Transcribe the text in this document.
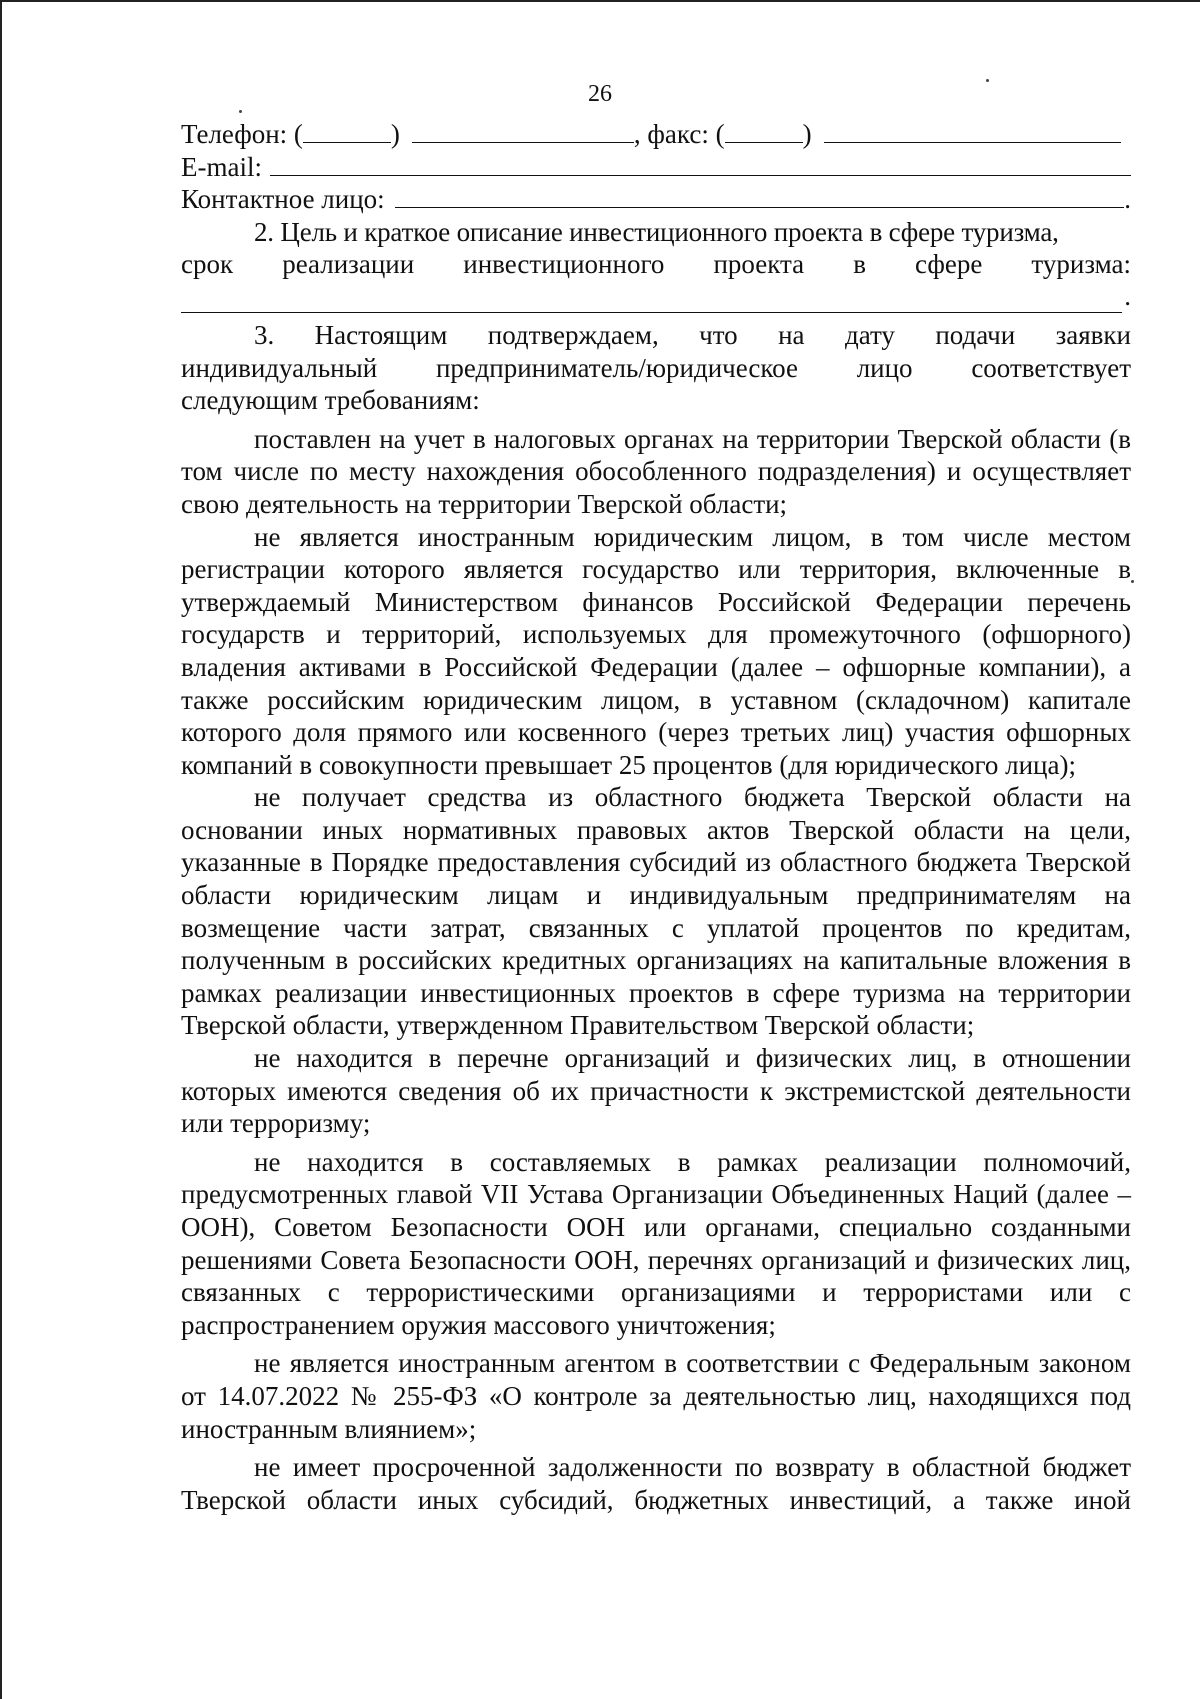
26
Телефон: (	)	, факс: (	)
E-mail:
Контактное лицо:	.
2. Цель и краткое описание инвестиционного проекта в сфере туризма,
срок реализации инвестиционного проекта в сфере туризма:
.
3. Настоящим подтверждаем, что на дату подачи заявки
индивидуальный предприниматель/юридическое лицо соответствует
следующим требованиям:

поставлен на учет в налоговых органах на территории Тверской области (в том числе по месту нахождения обособленного подразделения) и осуществляет свою деятельность на территории Тверской области;

не является иностранным юридическим лицом, в том числе местом регистрации которого является государство или территория, включенные в утверждаемый Министерством финансов Российской Федерации перечень государств и территорий, используемых для промежуточного (офшорного) владения активами в Российской Федерации (далее – офшорные компании), а также российским юридическим лицом, в уставном (складочном) капитале которого доля прямого или косвенного (через третьих лиц) участия офшорных компаний в совокупности превышает 25 процентов (для юридического лица);

не получает средства из областного бюджета Тверской области на основании иных нормативных правовых актов Тверской области на цели, указанные в Порядке предоставления субсидий из областного бюджета Тверской области юридическим лицам и индивидуальным предпринимателям на возмещение части затрат, связанных с уплатой процентов по кредитам, полученным в российских кредитных организациях на капитальные вложения в рамках реализации инвестиционных проектов в сфере туризма на территории Тверской области, утвержденном Правительством Тверской области;

не находится в перечне организаций и физических лиц, в отношении которых имеются сведения об их причастности к экстремистской деятельности или терроризму;

не находится в составляемых в рамках реализации полномочий, предусмотренных главой VII Устава Организации Объединенных Наций (далее – ООН), Советом Безопасности ООН или органами, специально созданными решениями Совета Безопасности ООН, перечнях организаций и физических лиц, связанных с террористическими организациями и террористами или с распространением оружия массового уничтожения;

не является иностранным агентом в соответствии с Федеральным законом от 14.07.2022 № 255-ФЗ «О контроле за деятельностью лиц, находящихся под иностранным влиянием»;

не имеет просроченной задолженности по возврату в областной бюджет Тверской области иных субсидий, бюджетных инвестиций, а также иной
